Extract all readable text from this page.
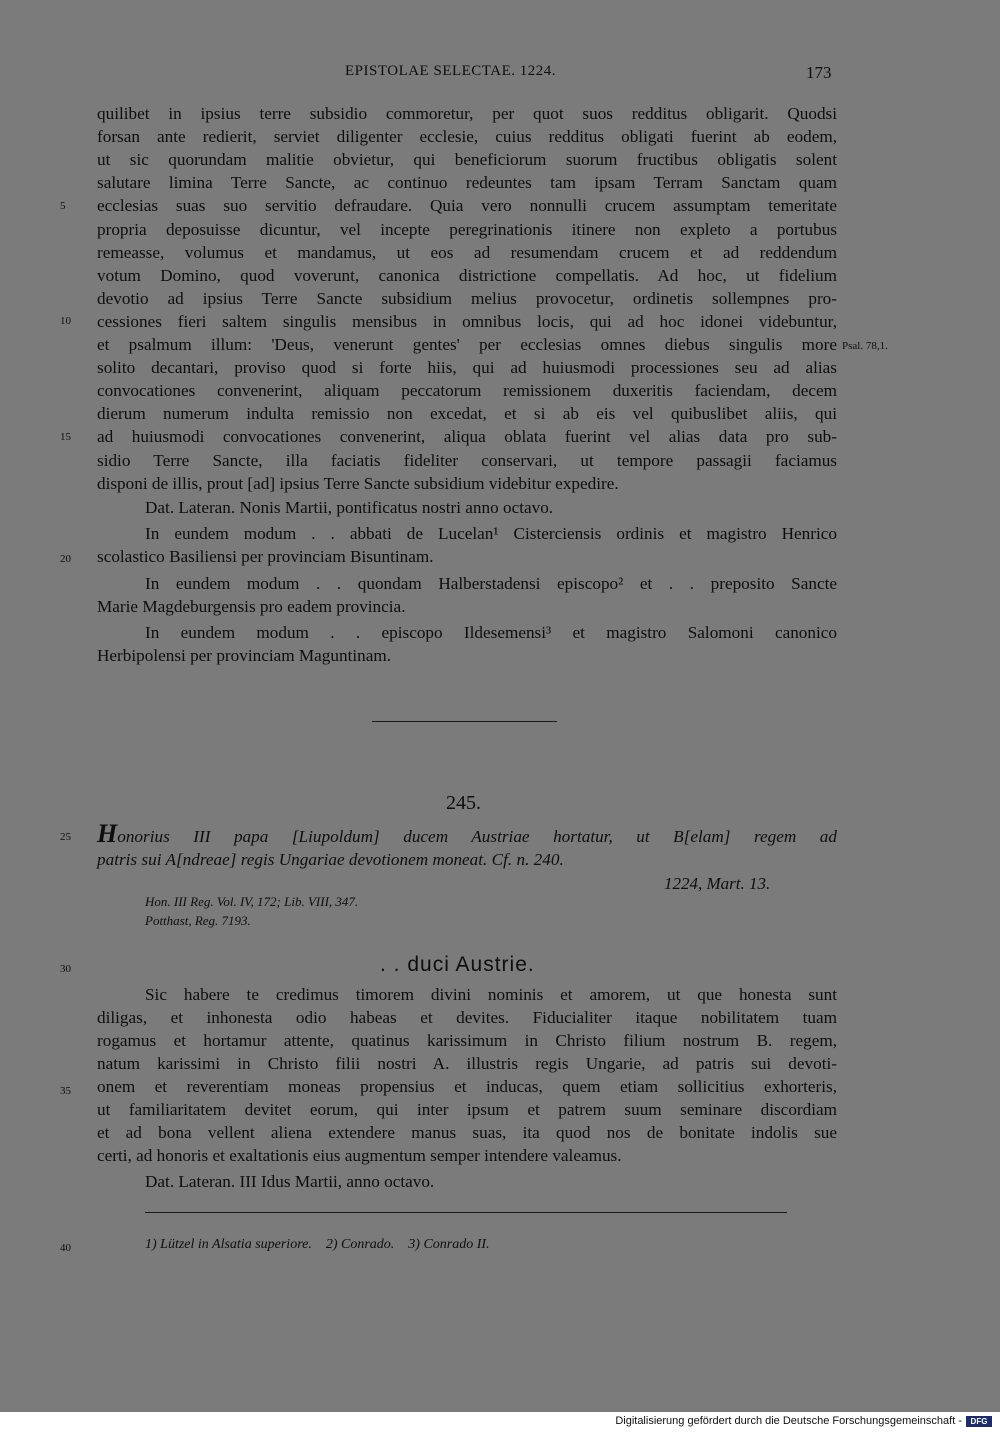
EPISTOLAE SELECTAE. 1224.	173
quilibet in ipsius terre subsidio commoretur, per quot suos redditus obligarit. Quodsi
forsan ante redierit, serviet diligenter ecclesie, cuius redditus obligati fuerint ab eodem,
ut sic quorundam malitie obvietur, qui beneficiorum suorum fructibus obligatis solent
salutare limina Terre Sancte, ac continuo redeuntes tam ipsam Terram Sanctam quam
ecclesias suas suo servitio defraudare. Quia vero nonnulli crucem assumptam temeritate
propria deposuisse dicuntur, vel incepte peregrinationis itinere non expleto a portubus
remeasse, volumus et mandamus, ut eos ad resumendam crucem et ad reddendum
votum Domino, quod voverunt, canonica districtione compellatis. Ad hoc, ut fidelium
devotio ad ipsius Terre Sancte subsidium melius provocetur, ordinetis sollempnes pro-
cessiones fieri saltem singulis mensibus in omnibus locis, qui ad hoc idonei videbuntur,
et psalmum illum: 'Deus, venerunt gentes' per ecclesias omnes diebus singulis more
solito decantari, proviso quod si forte hiis, qui ad huiusmodi processiones seu ad alias
convocationes convenerint, aliquam peccatorum remissionem duxeritis faciendam, decem
dierum numerum indulta remissio non excedat, et si ab eis vel quibuslibet aliis, qui
ad huiusmodi convocationes convenerint, aliqua oblata fuerint vel alias data pro sub-
sidio Terre Sancte, illa faciatis fideliter conservari, ut tempore passagii faciamus
disponi de illis, prout [ad] ipsius Terre Sancte subsidium videbitur expedire.
Dat. Lateran. Nonis Martii, pontificatus nostri anno octavo.
In eundem modum . . abbati de Lucelan¹ Cisterciensis ordinis et magistro Henrico
scolastico Basiliensi per provinciam Bisuntinam.
In eundem modum . . quondam Halberstadensi episcopo² et . . preposito Sancte
Marie Magdeburgensis pro eadem provincia.
In eundem modum . . episcopo Ildesemensi³ et magistro Salomoni canonico
Herbipolensi per provinciam Maguntinam.
5
10
15
20
25
30
35
40
Psal. 78,1.
245.
Honorius III papa [Liupoldum] ducem Austriae hortatur, ut B[elam] regem ad
patris sui A[ndreae] regis Ungariae devotionem moneat. Cf. n. 240.
1224, Mart. 13.
Hon. III Reg. Vol. IV, 172; Lib. VIII, 347.
Potthast, Reg. 7193.
. . duci Austrie.
Sic habere te credimus timorem divini nominis et amorem, ut que honesta sunt
diligas, et inhonesta odio habeas et devites. Fiducialiter itaque nobilitatem tuam
rogamus et hortamur attente, quatinus karissimum in Christo filium nostrum B. regem,
natum karissimi in Christo filii nostri A. illustris regis Ungarie, ad patris sui devoti-
onem et reverentiam moneas propensius et inducas, quem etiam sollicitius exhorteris,
ut familiaritatem devitet eorum, qui inter ipsum et patrem suum seminare discordiam
et ad bona vellent aliena extendere manus suas, ita quod nos de bonitate indolis sue
certi, ad honoris et exaltationis eius augmentum semper intendere valeamus.
Dat. Lateran. III Idus Martii, anno octavo.
1) Lützel in Alsatia superiore.    2) Conrado.    3) Conrado II.
Digitalisierung gefördert durch die Deutsche Forschungsgemeinschaft -	DFG
